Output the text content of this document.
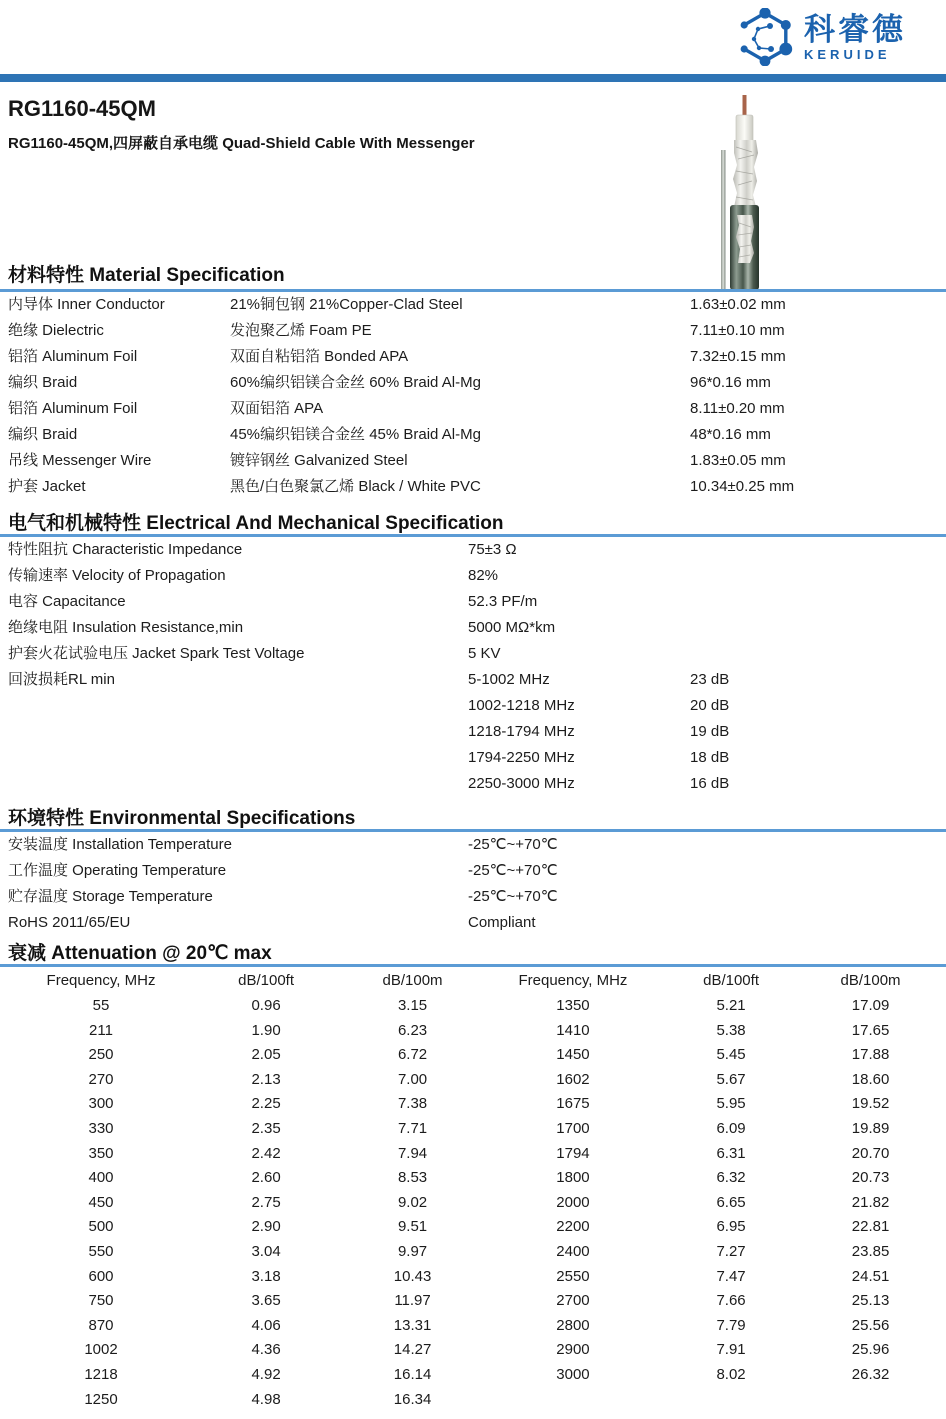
科睿德
KERUIDE
RG1160-45QM
RG1160-45QM,四屏蔽自承电缆 Quad-Shield Cable With Messenger
材料特性 Material Specification
内导体 Inner Conductor	21%铜包钢 21%Copper-Clad Steel	1.63±0.02 mm
绝缘 Dielectric	发泡聚乙烯 Foam PE	7.11±0.10 mm
铝箔 Aluminum Foil	双面自粘铝箔 Bonded APA	7.32±0.15 mm
编织 Braid	60%编织铝镁合金丝 60% Braid Al-Mg	96*0.16 mm
铝箔 Aluminum Foil	双面铝箔 APA	8.11±0.20 mm
编织 Braid	45%编织铝镁合金丝 45% Braid Al-Mg	48*0.16 mm
吊线 Messenger Wire	镀锌钢丝 Galvanized Steel	1.83±0.05 mm
护套 Jacket	黑色/白色聚氯乙烯 Black / White PVC	10.34±0.25 mm
电气和机械特性 Electrical And Mechanical Specification
特性阻抗 Characteristic Impedance	75±3 Ω
传输速率 Velocity of Propagation	82%
电容 Capacitance	52.3 PF/m
绝缘电阻 Insulation Resistance,min	5000 MΩ*km
护套火花试验电压 Jacket Spark Test Voltage	5 KV
回波损耗RL min	5-1002 MHz	23 dB
1002-1218 MHz	20 dB
1218-1794 MHz	19 dB
1794-2250 MHz	18 dB
2250-3000 MHz	16 dB
环境特性 Environmental Specifications
安装温度 Installation Temperature	-25℃~+70℃
工作温度 Operating Temperature	-25℃~+70℃
贮存温度 Storage Temperature	-25℃~+70℃
RoHS 2011/65/EU	Compliant
衰减 Attenuation @ 20℃ max
Frequency, MHz	dB/100ft	dB/100m	Frequency, MHz	dB/100ft	dB/100m
55	0.96	3.15	1350	5.21	17.09
211	1.90	6.23	1410	5.38	17.65
250	2.05	6.72	1450	5.45	17.88
270	2.13	7.00	1602	5.67	18.60
300	2.25	7.38	1675	5.95	19.52
330	2.35	7.71	1700	6.09	19.89
350	2.42	7.94	1794	6.31	20.70
400	2.60	8.53	1800	6.32	20.73
450	2.75	9.02	2000	6.65	21.82
500	2.90	9.51	2200	6.95	22.81
550	3.04	9.97	2400	7.27	23.85
600	3.18	10.43	2550	7.47	24.51
750	3.65	11.97	2700	7.66	25.13
870	4.06	13.31	2800	7.79	25.56
1002	4.36	14.27	2900	7.91	25.96
1218	4.92	16.14	3000	8.02	26.32
1250	4.98	16.34
